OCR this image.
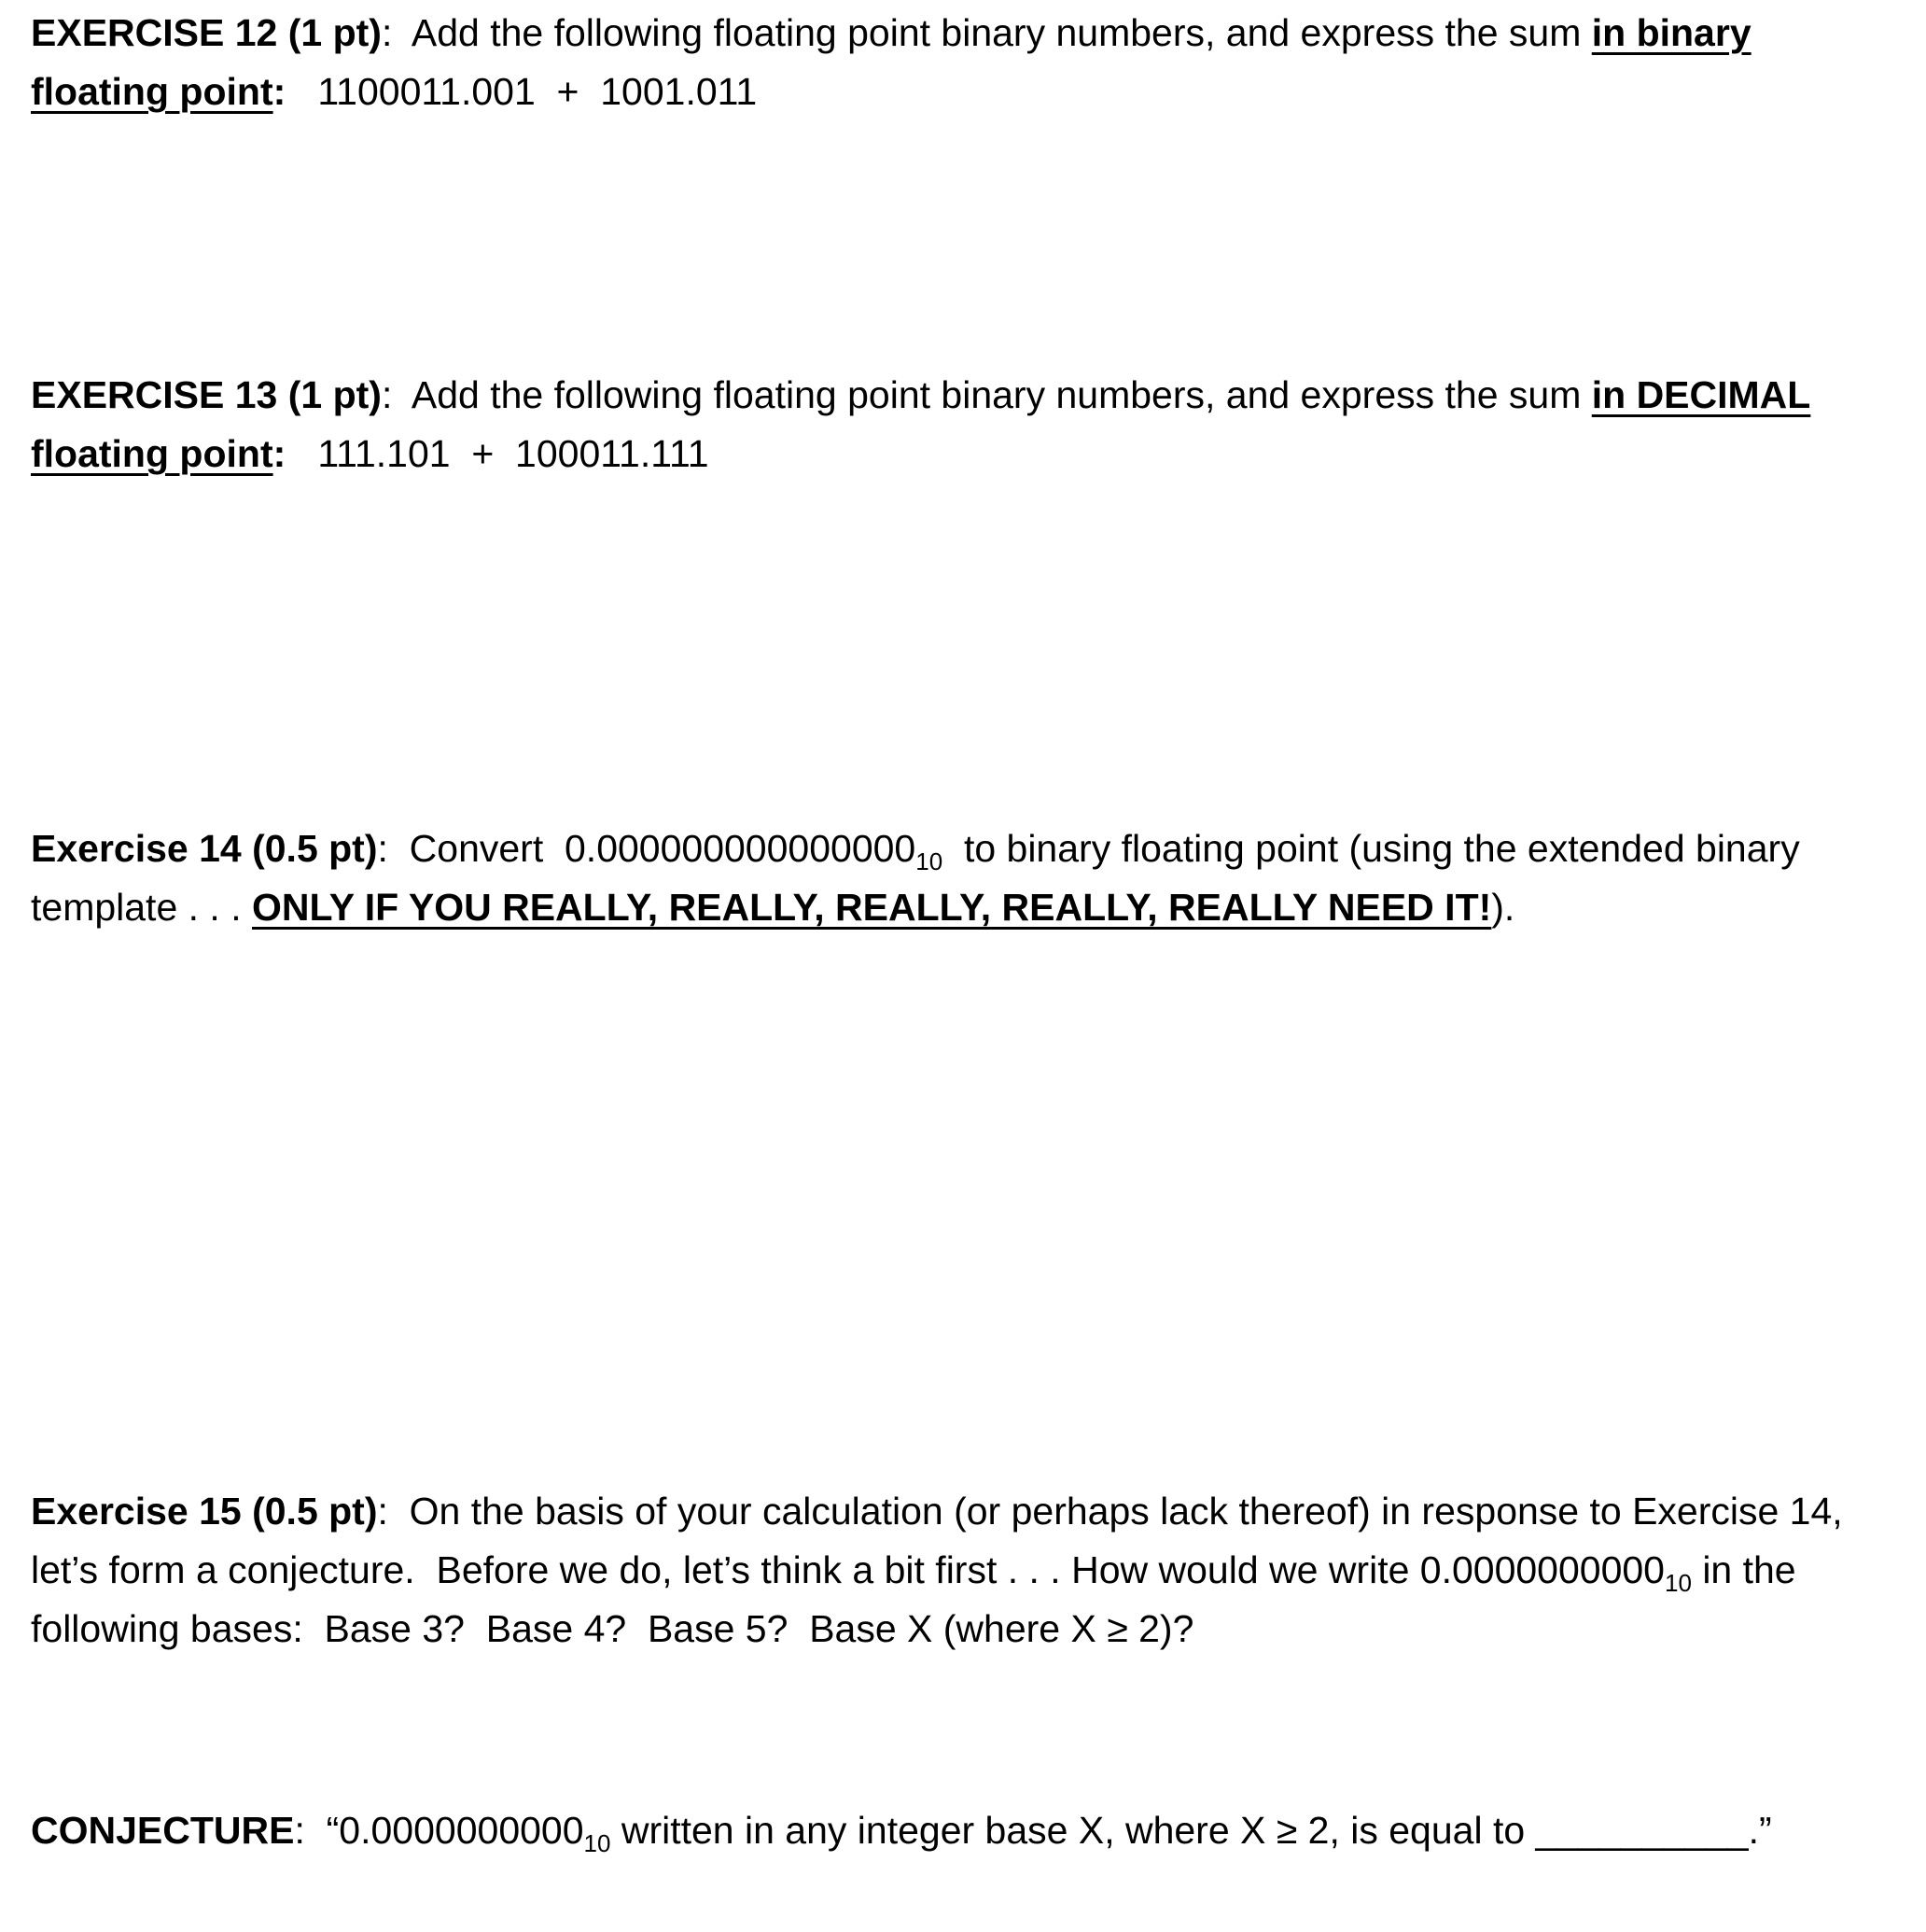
EXERCISE 12 (1 pt):  Add the following floating point binary numbers, and express the sum in binary
floating point:   1100011.001  +  1001.011
EXERCISE 13 (1 pt):  Add the following floating point binary numbers, and express the sum in DECIMAL
floating point:   111.101  +  100011.111
Exercise 14 (0.5 pt):  Convert  $0.000000000000000_{10}$  to binary floating point (using the extended binary
template . . . ONLY IF YOU REALLY, REALLY, REALLY, REALLY, REALLY NEED IT!).
Exercise 15 (0.5 pt):  On the basis of your calculation (or perhaps lack thereof) in response to Exercise 14,
let’s form a conjecture.  Before we do, let’s think a bit first . . . How would we write $0.0000000000_{10}$ in the
following bases:  Base 3?  Base 4?  Base 5?  Base X (where X ≥ 2)?
CONJECTURE:  “$0.0000000000_{10}$ written in any integer base X, where X ≥ 2, is equal to __________.”
